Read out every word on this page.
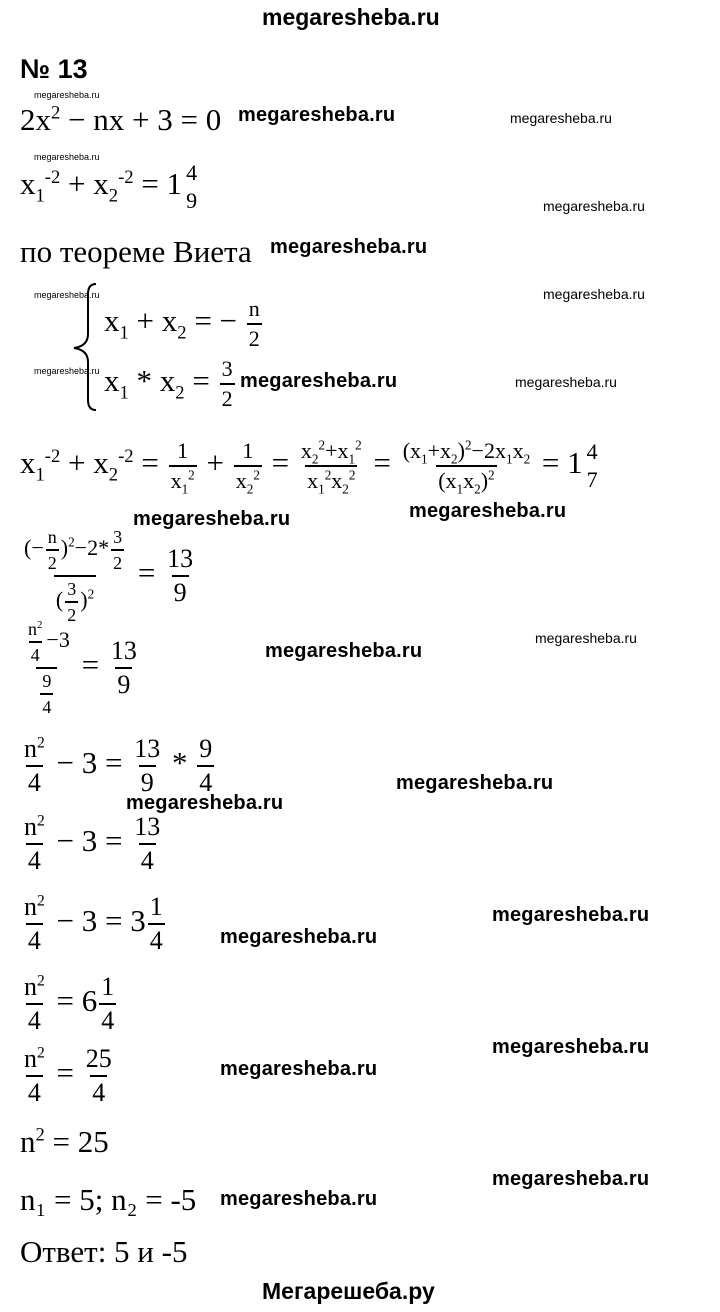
megaresheba.ru
№ 13
megaresheba.ru
$2x^2$ − nx + 3 = 0 megaresheba.ru	megaresheba.ru
megaresheba.ru
$x_1^{-2} + x_2^{-2} = 1$ 4
9	megaresheba.ru
по теореме Виета megaresheba.ru
megaresheba.ru	megaresheba.ru
$x_1 + x_2$ = − $\frac{n}{2}$
megaresheba.ru $x_1 * x_2 = \frac{3}{2}$ megaresheba.ru	megaresheba.ru
$x_1^{-2} + x_2^{-2} = \frac{1}{x_1^2} + \frac{1}{x_2^2} = \frac{x_2^2+x_1^2}{x_1^2x_2^2} = \frac{(x_1+x_2)^2-2x_1x_2}{(x_1x_2)^2} = 1$ 4
7
megaresheba.ru	megaresheba.ru
$\frac{(- \frac{n}{2} )^2-2* \frac{3}{2}}{( \frac{3}{2} )^2} = \frac{13}{9}$
megaresheba.ru
$\frac{\frac{n^2}{4} -3}{\frac{9}{4}} = \frac{13}{9}$	megaresheba.ru
$\frac{n^2}{4} - 3 = \frac{13}{9} * \frac{9}{4}$	megaresheba.ru
megaresheba.ru
$\frac{n^2}{4} - 3 = \frac{13}{4}$
$\frac{n^2}{4} - 3 = 3 \frac{1}{4}$	megaresheba.ru
megaresheba.ru
$\frac{n^2}{4} = 6 \frac{1}{4}$
megaresheba.ru
$\frac{n^2}{4} = \frac{25}{4}$	megaresheba.ru
$n^2 = 25$
megaresheba.ru
n₁ = 5; n₂ = -5 megaresheba.ru
Ответ: 5 и -5
Мегарешеба.ру
